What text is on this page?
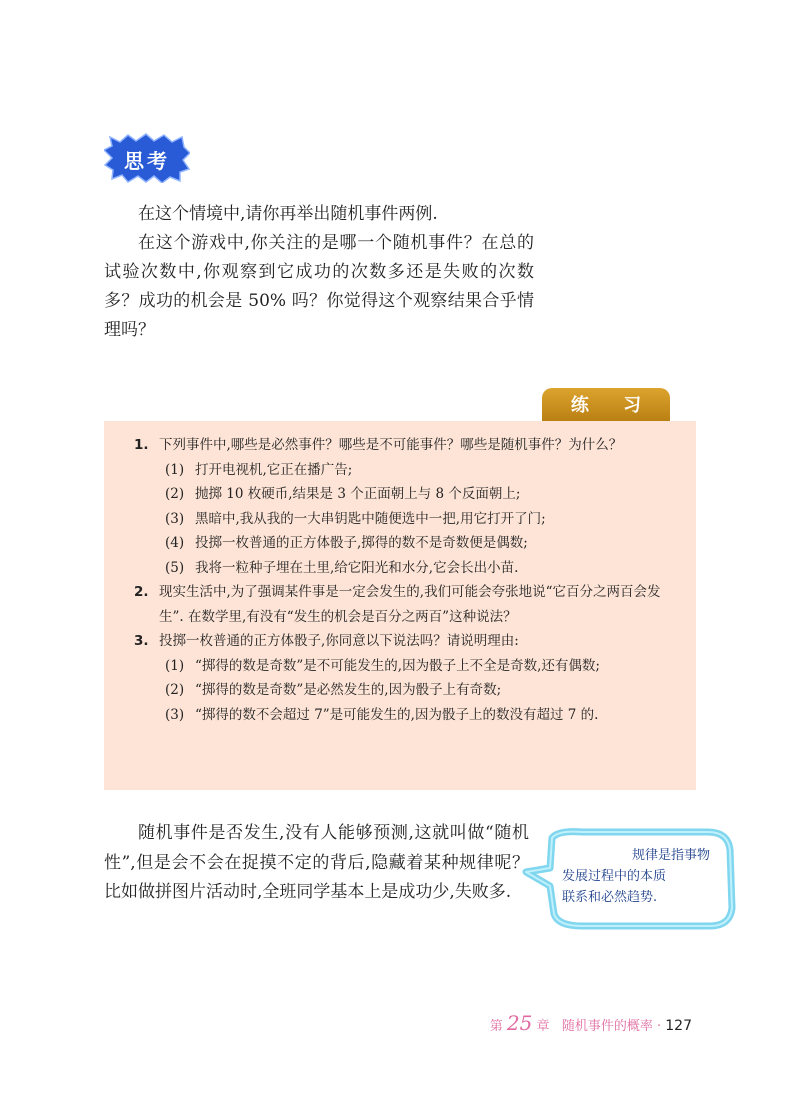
思考

在这个情境中,请你再举出随机事件两例.

在这个游戏中,你关注的是哪一个随机事件？在总的试验次数中,你观察到它成功的次数多还是失败的次数多？成功的机会是 50% 吗？你觉得这个观察结果合乎情理吗？

练 习
1. 下列事件中,哪些是必然事件？哪些是不可能事件？哪些是随机事件？为什么？
(1) 打开电视机,它正在播广告;
(2) 抛掷 10 枚硬币,结果是 3 个正面朝上与 8 个反面朝上;
(3) 黑暗中,我从我的一大串钥匙中随便选中一把,用它打开了门;
(4) 投掷一枚普通的正方体骰子,掷得的数不是奇数便是偶数;
(5) 我将一粒种子埋在土里,给它阳光和水分,它会长出小苗.
2. 现实生活中,为了强调某件事是一定会发生的,我们可能会夸张地说“它百分之两百会发生”. 在数学里,有没有“发生的机会是百分之两百”这种说法？
3. 投掷一枚普通的正方体骰子,你同意以下说法吗？请说明理由:
(1) “掷得的数是奇数”是不可能发生的,因为骰子上不全是奇数,还有偶数;
(2) “掷得的数是奇数”是必然发生的,因为骰子上有奇数;
(3) “掷得的数不会超过 7”是可能发生的,因为骰子上的数没有超过 7 的.

随机事件是否发生,没有人能够预测,这就叫做“随机性”,但是会不会在捉摸不定的背后,隐藏着某种规律呢？比如做拼图片活动时,全班同学基本上是成功少,失败多.

规律是指事物
发展过程中的本质
联系和必然趋势.
第 25 章 随机事件的概率 · 127
